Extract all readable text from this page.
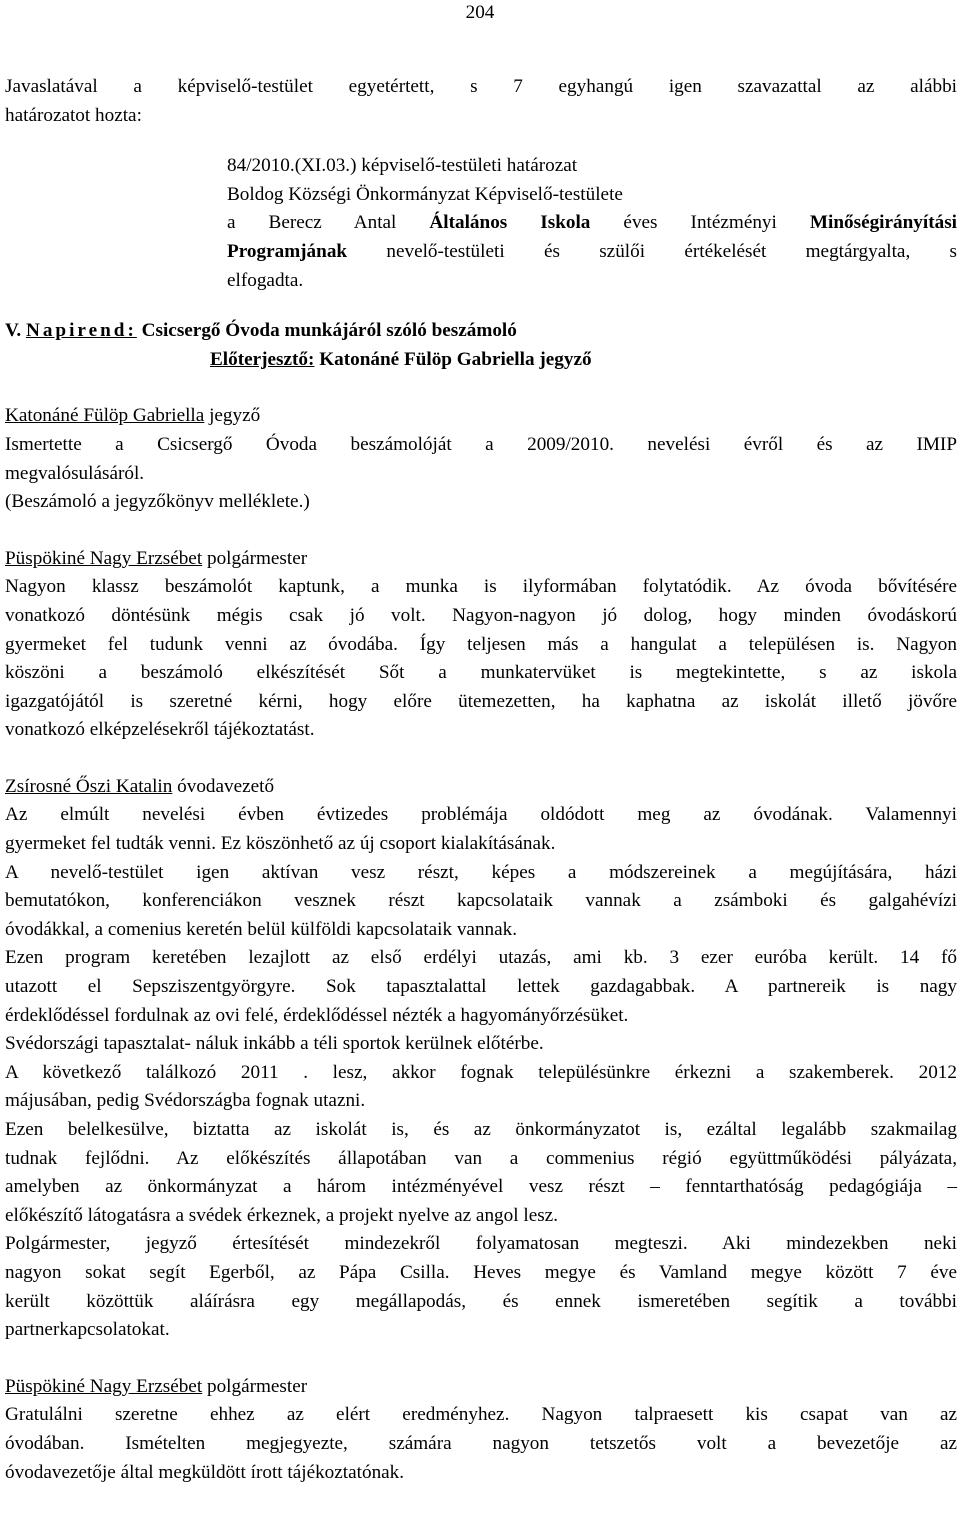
204

Javaslatával a képviselő-testület egyetértett, s 7 egyhangú igen szavazattal az alábbi

határozatot hozta:

84/2010.(XI.03.) képviselő-testületi határozat

Boldog Községi Önkormányzat Képviselő-testülete

a Berecz Antal Általános Iskola éves Intézményi Minőségirányítási

Programjának nevelő-testületi és szülői értékelését megtárgyalta, s

elfogadta.

V. Napirend: Csicsergő Óvoda munkájáról szóló beszámoló

Előterjesztő: Katonáné Fülöp Gabriella jegyző

Katonáné Fülöp Gabriella jegyző

Ismertette a Csicsergő Óvoda beszámolóját a 2009/2010. nevelési évről és az IMIP

megvalósulásáról.

(Beszámoló a jegyzőkönyv melléklete.)

Püspökiné Nagy Erzsébet polgármester

Nagyon klassz beszámolót kaptunk, a munka is ilyformában folytatódik. Az óvoda bővítésére

vonatkozó döntésünk mégis csak jó volt. Nagyon-nagyon jó dolog, hogy minden óvodáskorú

gyermeket fel tudunk venni az óvodába. Így teljesen más a hangulat a településen is. Nagyon

köszöni a beszámoló elkészítését Sőt a munkatervüket is megtekintette, s az iskola

igazgatójától is szeretné kérni, hogy előre ütemezetten, ha kaphatna az iskolát illető jövőre

vonatkozó elképzelésekről tájékoztatást.

Zsírosné Őszi Katalin óvodavezető

Az elmúlt nevelési évben évtizedes problémája oldódott meg az óvodának. Valamennyi

gyermeket fel tudták venni. Ez köszönhető az új csoport kialakításának.

A nevelő-testület igen aktívan vesz részt, képes a módszereinek a megújítására, házi

bemutatókon, konferenciákon vesznek részt kapcsolataik vannak a zsámboki és galgahévízi

óvodákkal, a comenius keretén belül külföldi kapcsolataik vannak.

Ezen program keretében lezajlott az első erdélyi utazás, ami kb. 3 ezer euróba került. 14 fő

utazott el Sepsziszentgyörgyre. Sok tapasztalattal lettek gazdagabbak. A partnereik is nagy

érdeklődéssel fordulnak az ovi felé, érdeklődéssel nézték a hagyományőrzésüket.

Svédországi tapasztalat- náluk inkább a téli sportok kerülnek előtérbe.

A következő találkozó 2011 . lesz, akkor fognak településünkre érkezni a szakemberek. 2012

májusában, pedig Svédországba fognak utazni.

Ezen belelkesülve, biztatta az iskolát is, és az önkormányzatot is, ezáltal legalább szakmailag

tudnak fejlődni. Az előkészítés állapotában van a commenius régió együttműködési pályázata,

amelyben az önkormányzat a három intézményével vesz részt – fenntarthatóság pedagógiája –

előkészítő látogatásra a svédek érkeznek, a projekt nyelve az angol lesz.

Polgármester, jegyző értesítését mindezekről folyamatosan megteszi. Aki mindezekben neki

nagyon sokat segít Egerből, az Pápa Csilla. Heves megye és Vamland megye között 7 éve

került közöttük aláírásra egy megállapodás, és ennek ismeretében segítik a további

partnerkapcsolatokat.

Püspökiné Nagy Erzsébet polgármester

Gratulálni szeretne ehhez az elért eredményhez. Nagyon talpraesett kis csapat van az

óvodában. Ismételten megjegyezte, számára nagyon tetszetős volt a bevezetője az

óvodavezetője által megküldött írott tájékoztatónak.
